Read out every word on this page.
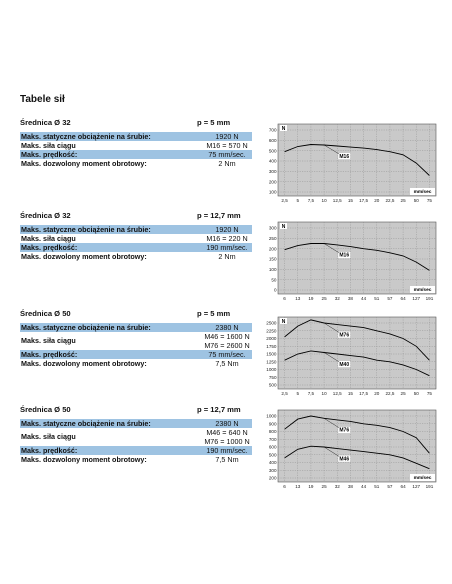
Tabele sił
Średnica Ø 32	p = 5 mm
Maks. statyczne obciążenie na śrubie:	1920 N
Maks. siła ciągu	M16 = 570 N
Maks. prędkość:	75 mm/sec.
Maks. dozwolony moment obrotowy:	2 Nm
Średnica Ø 32	p = 12,7 mm
Maks. statyczne obciążenie na śrubie:	1920 N
Maks. siła ciągu	M16 = 220 N
Maks. prędkość:	190 mm/sec.
Maks. dozwolony moment obrotowy:	2 Nm
Średnica Ø 50	p = 5 mm
Maks. statyczne obciążenie na śrubie:	2380 N
Maks. siła ciągu	M46 = 1600 N
M76 = 2600 N
Maks. prędkość:	75 mm/sec.
Maks. dozwolony moment obrotowy:	7,5 Nm
Średnica Ø 50	p = 12,7 mm
Maks. statyczne obciążenie na śrubie:	2380 N
Maks. siła ciągu	M46 = 640 N
M76 = 1000 N
Maks. prędkość:	190 mm/sec.
Maks. dozwolony moment obrotowy:	7,5 Nm
700
600
500
400
300
200
100
2,5 5 7,5 10 12,5 15 17,5 20 22,5 25 50 75
N
mm/sec
M16
300
250
200
150
100
50
0
6 13 19 25 32 38 44 51 57 64 127 191
N
mm/sec
M16
2500
2250
2000
1750
1500
1250
1000
750
500
2,5 5 7,5 10 12,5 15 17,5 20 22,5 25 50 75
N
M76
M40
1000
900
800
700
600
500
400
300
200
6 13 19 25 32 38 44 51 57 64 127 191
mm/sec
M76
M46
